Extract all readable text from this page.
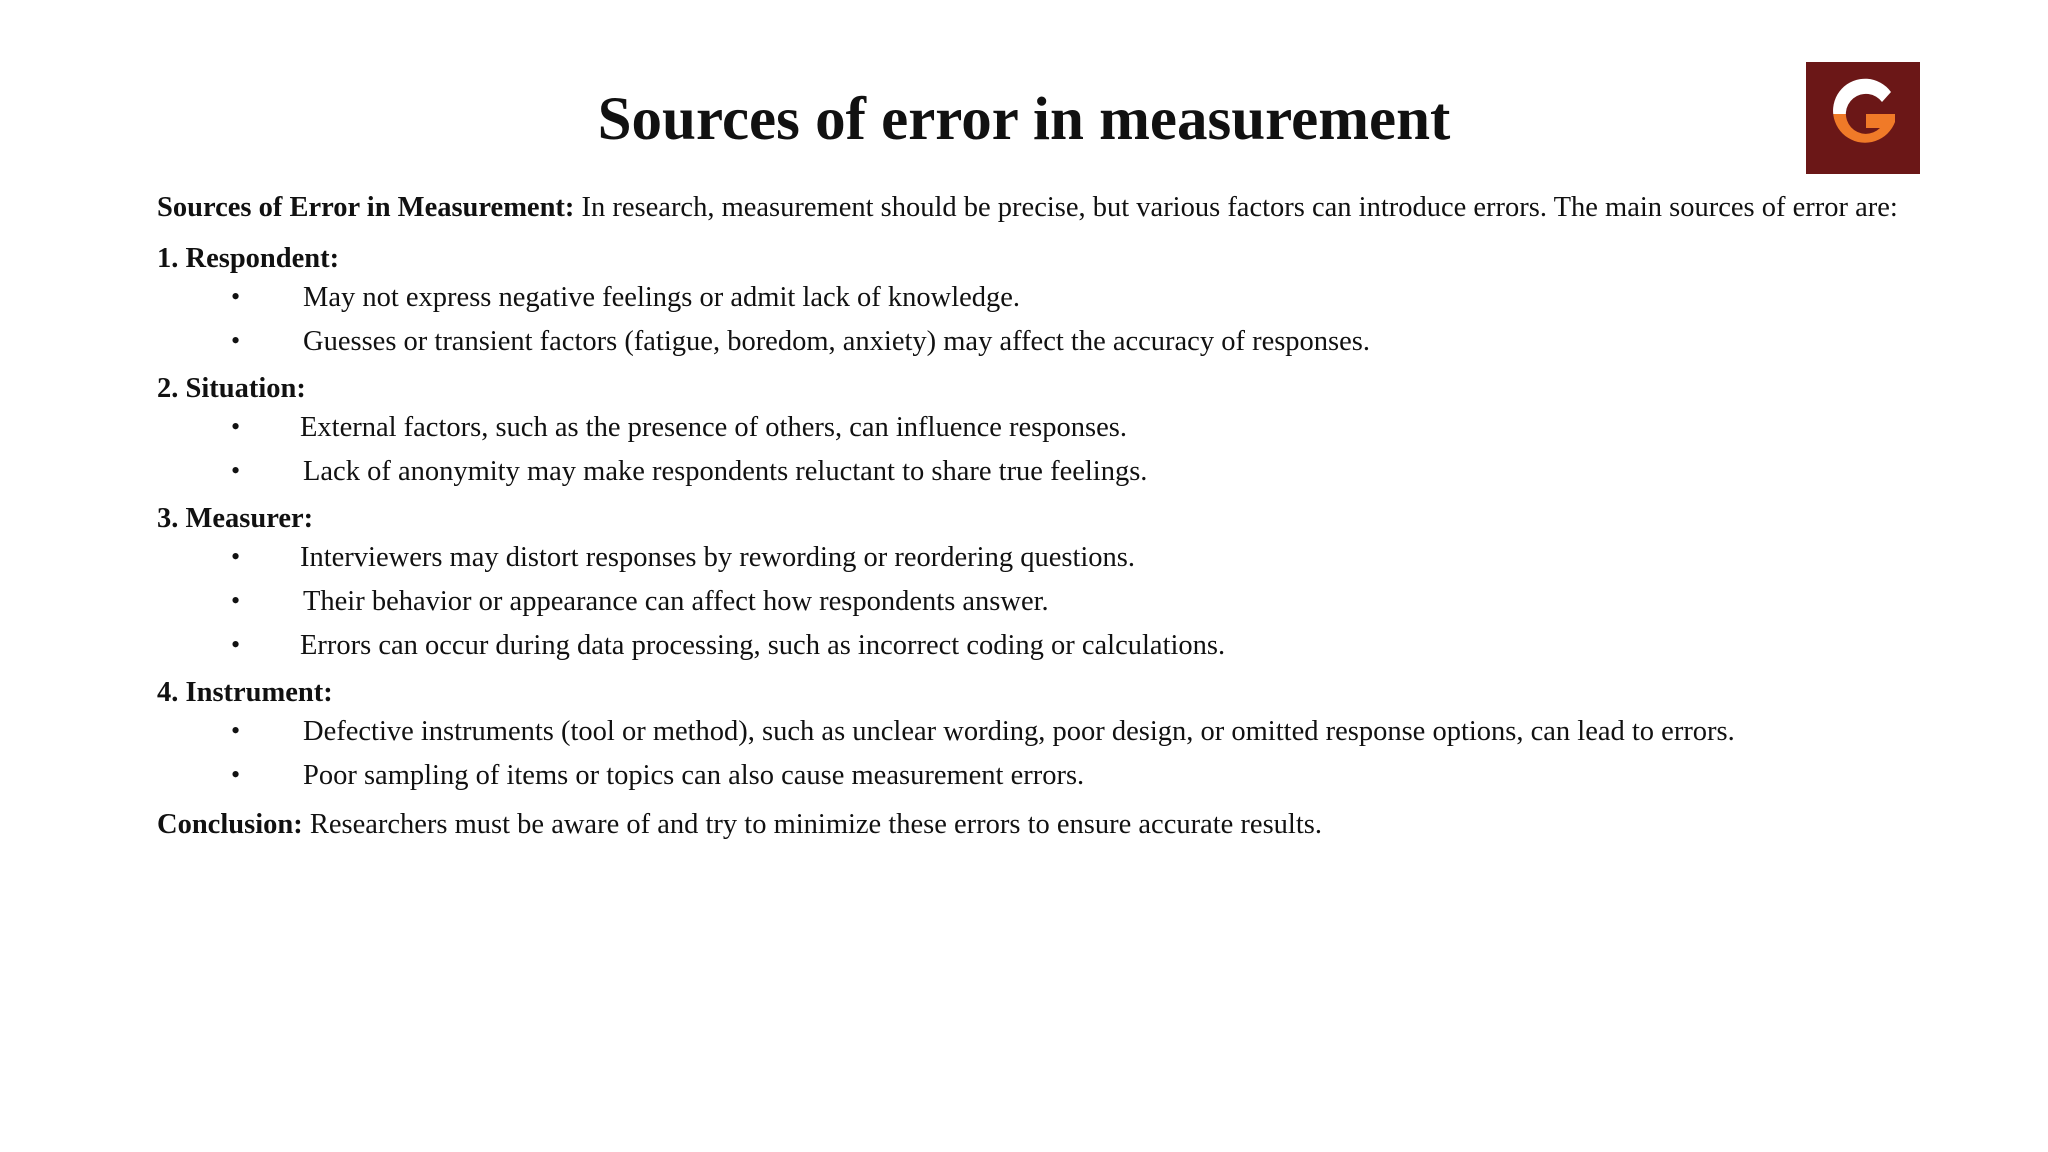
Sources of error in measurement

Sources of Error in Measurement: In research, measurement should be precise, but various factors can introduce errors. The main sources of error are:

1. Respondent:

• May not express negative feelings or admit lack of knowledge.
• Guesses or transient factors (fatigue, boredom, anxiety) may affect the accuracy of responses.

2. Situation:

• External factors, such as the presence of others, can influence responses.
• Lack of anonymity may make respondents reluctant to share true feelings.

3. Measurer:

• Interviewers may distort responses by rewording or reordering questions.
• Their behavior or appearance can affect how respondents answer.
• Errors can occur during data processing, such as incorrect coding or calculations.

4. Instrument:

• Defective instruments (tool or method), such as unclear wording, poor design, or omitted response options, can lead to errors.
• Poor sampling of items or topics can also cause measurement errors.

Conclusion: Researchers must be aware of and try to minimize these errors to ensure accurate results.
